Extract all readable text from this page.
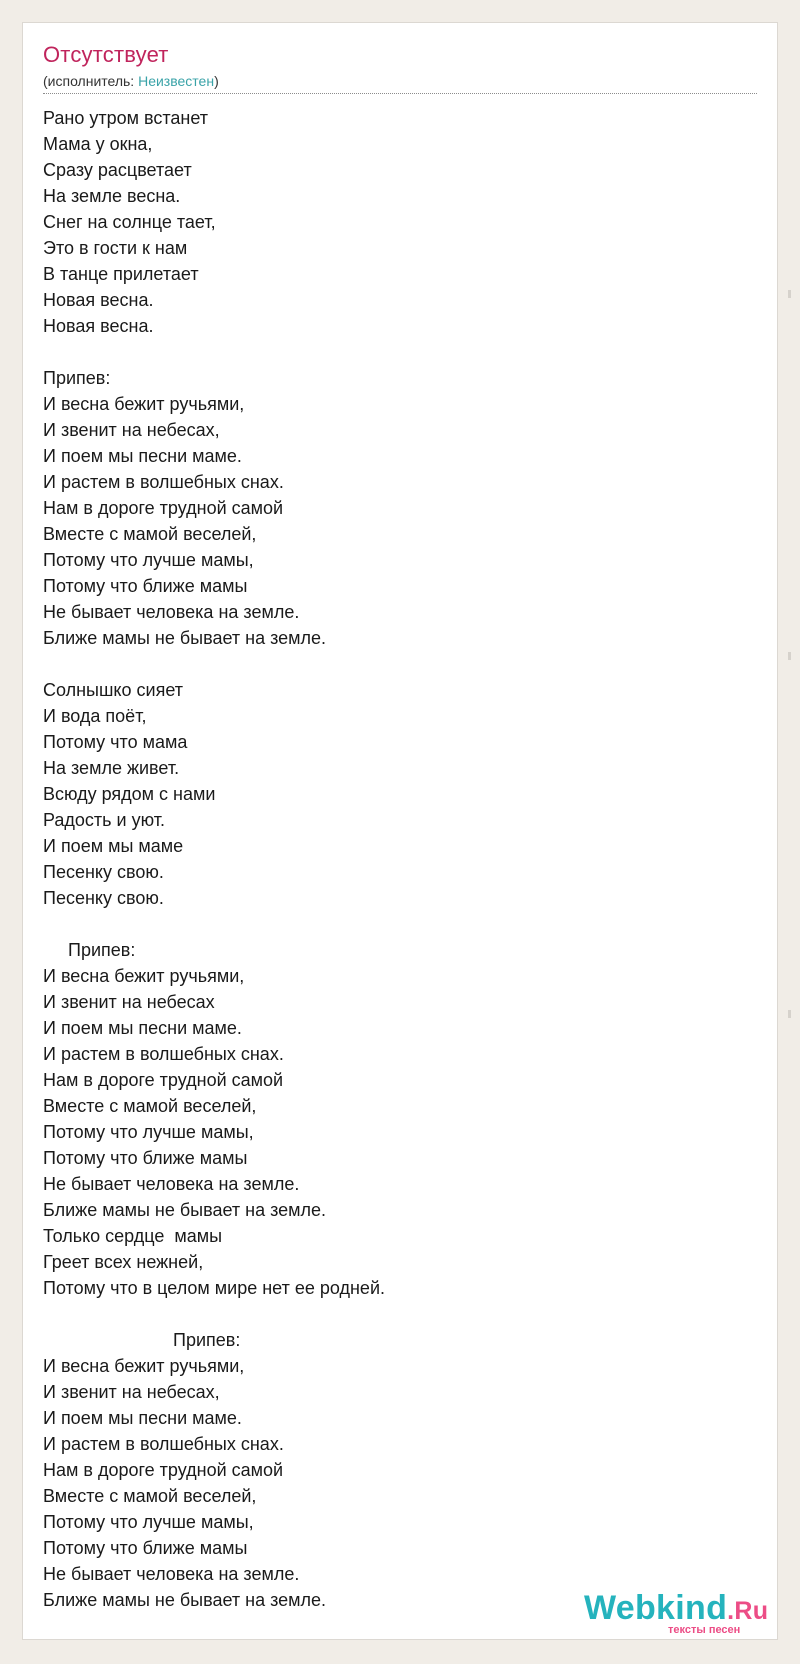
Отсутствует

(исполнитель: Неизвестен)

Рано утром встанет
Мама у окна,
Сразу расцветает
На земле весна.
Снег на солнце тает,
Это в гости к нам
В танце прилетает
Новая весна.
Новая весна.

Припев:
И весна бежит ручьями,
И звенит на небесах,
И поем мы песни маме.
И растем в волшебных снах.
Нам в дороге трудной самой
Вместе с мамой веселей,
Потому что лучше мамы,
Потому что ближе мамы
Не бывает человека на земле.
Ближе мамы не бывает на земле.

Солнышко сияет
И вода поёт,
Потому что мама
На земле живет.
Всюду рядом с нами
Радость и уют.
И поем мы маме
Песенку свою.
Песенку свою.

Припев:
И весна бежит ручьями,
И звенит на небесах
И поем мы песни маме.
И растем в волшебных снах.
Нам в дороге трудной самой
Вместе с мамой веселей,
Потому что лучше мамы,
Потому что ближе мамы
Не бывает человека на земле.
Ближе мамы не бывает на земле.
Только сердце  мамы
Греет всех нежней,
Потому что в целом мире нет ее родней.

Припев:
И весна бежит ручьями,
И звенит на небесах,
И поем мы песни маме.
И растем в волшебных снах.
Нам в дороге трудной самой
Вместе с мамой веселей,
Потому что лучше мамы,
Потому что ближе мамы
Не бывает человека на земле.
Ближе мамы не бывает на земле.	Webkind.Ru
тексты песен
